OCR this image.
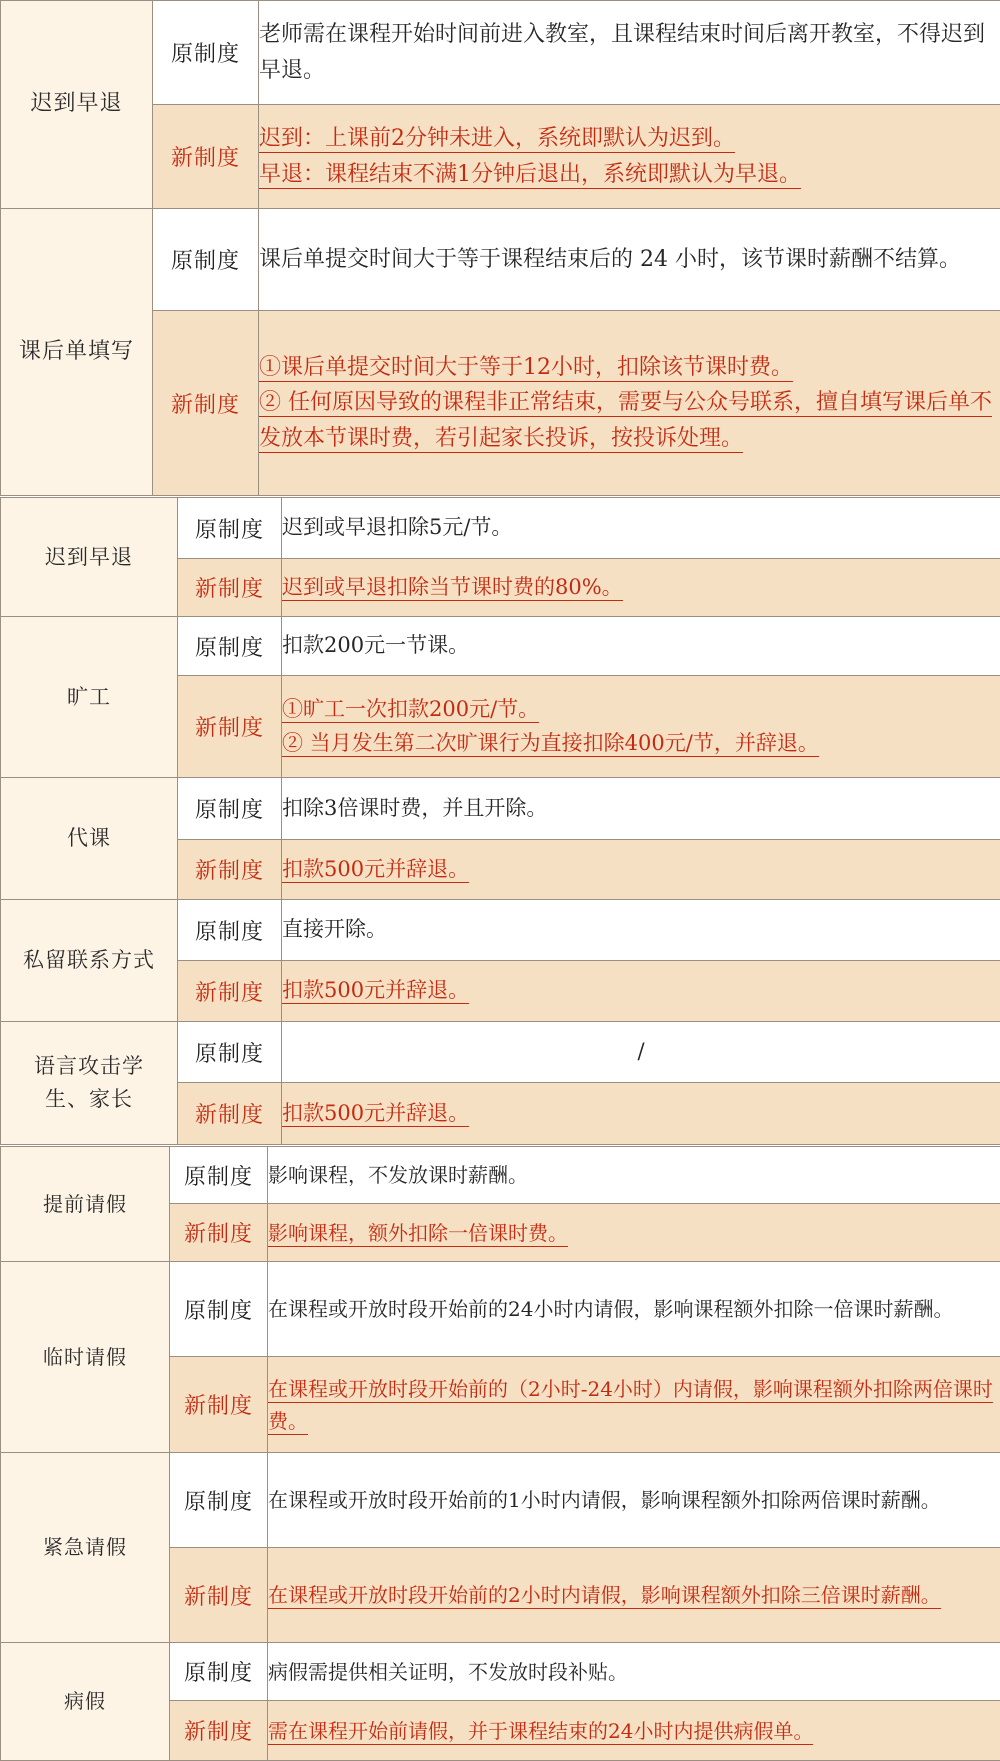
迟到早退	原制度	老师需在课程开始时间前进入教室，且课程结束时间后离开教室，不得迟到早退。
	新制度	迟到：上课前2分钟未进入，系统即默认为迟到。
早退：课程结束不满1分钟后退出，系统即默认为早退。
课后单填写	原制度	课后单提交时间大于等于课程结束后的 24 小时，该节课时薪酬不结算。
	新制度	①课后单提交时间大于等于12小时，扣除该节课时费。
② 任何原因导致的课程非正常结束，需要与公众号联系，擅自填写课后单不发放本节课时费，若引起家长投诉，按投诉处理。
迟到早退	原制度	迟到或早退扣除5元/节。
	新制度	迟到或早退扣除当节课时费的80%。
旷工	原制度	扣款200元一节课。
	新制度	①旷工一次扣款200元/节。
② 当月发生第二次旷课行为直接扣除400元/节，并辞退。
代课	原制度	扣除3倍课时费，并且开除。
	新制度	扣款500元并辞退。
私留联系方式	原制度	直接开除。
	新制度	扣款500元并辞退。
语言攻击学生、家长	原制度	/
	新制度	扣款500元并辞退。
提前请假	原制度	影响课程，不发放课时薪酬。
	新制度	影响课程，额外扣除一倍课时费。
临时请假	原制度	在课程或开放时段开始前的24小时内请假，影响课程额外扣除一倍课时薪酬。
	新制度	在课程或开放时段开始前的（2小时-24小时）内请假，影响课程额外扣除两倍课时费。
紧急请假	原制度	在课程或开放时段开始前的1小时内请假，影响课程额外扣除两倍课时薪酬。
	新制度	在课程或开放时段开始前的2小时内请假，影响课程额外扣除三倍课时薪酬。
病假	原制度	病假需提供相关证明，不发放时段补贴。
	新制度	需在课程开始前请假，并于课程结束的24小时内提供病假单。
